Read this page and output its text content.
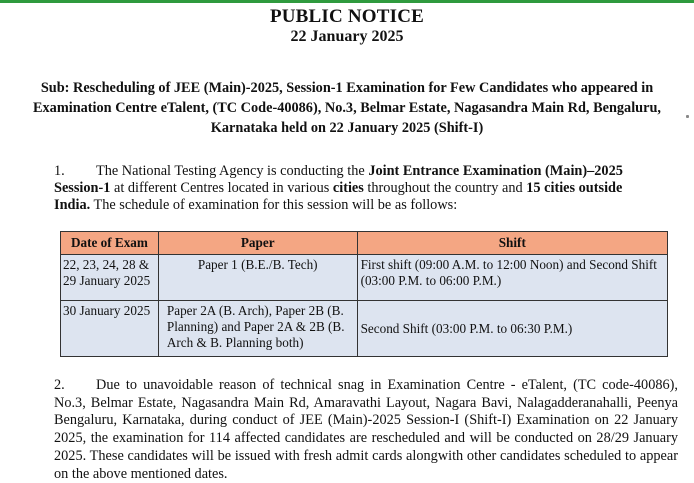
PUBLIC NOTICE
22 January 2025
Sub: Rescheduling of JEE (Main)-2025, Session-1 Examination for Few Candidates who appeared in Examination Centre eTalent, (TC Code-40086), No.3, Belmar Estate, Nagasandra Main Rd, Bengaluru, Karnataka held on 22 January 2025 (Shift-I)
1. The National Testing Agency is conducting the Joint Entrance Examination (Main)–2025 Session-1 at different Centres located in various cities throughout the country and 15 cities outside India. The schedule of examination for this session will be as follows:
Date of Exam	Paper	Shift
22, 23, 24, 28 & 29 January 2025	Paper 1 (B.E./B. Tech)	First shift (09:00 A.M. to 12:00 Noon) and Second Shift (03:00 P.M. to 06:00 P.M.)
30 January 2025	Paper 2A (B. Arch), Paper 2B (B. Planning) and Paper 2A & 2B (B. Arch & B. Planning both)	Second Shift (03:00 P.M. to 06:30 P.M.)
2. Due to unavoidable reason of technical snag in Examination Centre - eTalent, (TC code-40086), No.3, Belmar Estate, Nagasandra Main Rd, Amaravathi Layout, Nagara Bavi, Nalagadderanahalli, Peenya Bengaluru, Karnataka, during conduct of JEE (Main)-2025 Session-I (Shift-I) Examination on 22 January 2025, the examination for 114 affected candidates are rescheduled and will be conducted on 28/29 January 2025. These candidates will be issued with fresh admit cards alongwith other candidates scheduled to appear on the above mentioned dates.
